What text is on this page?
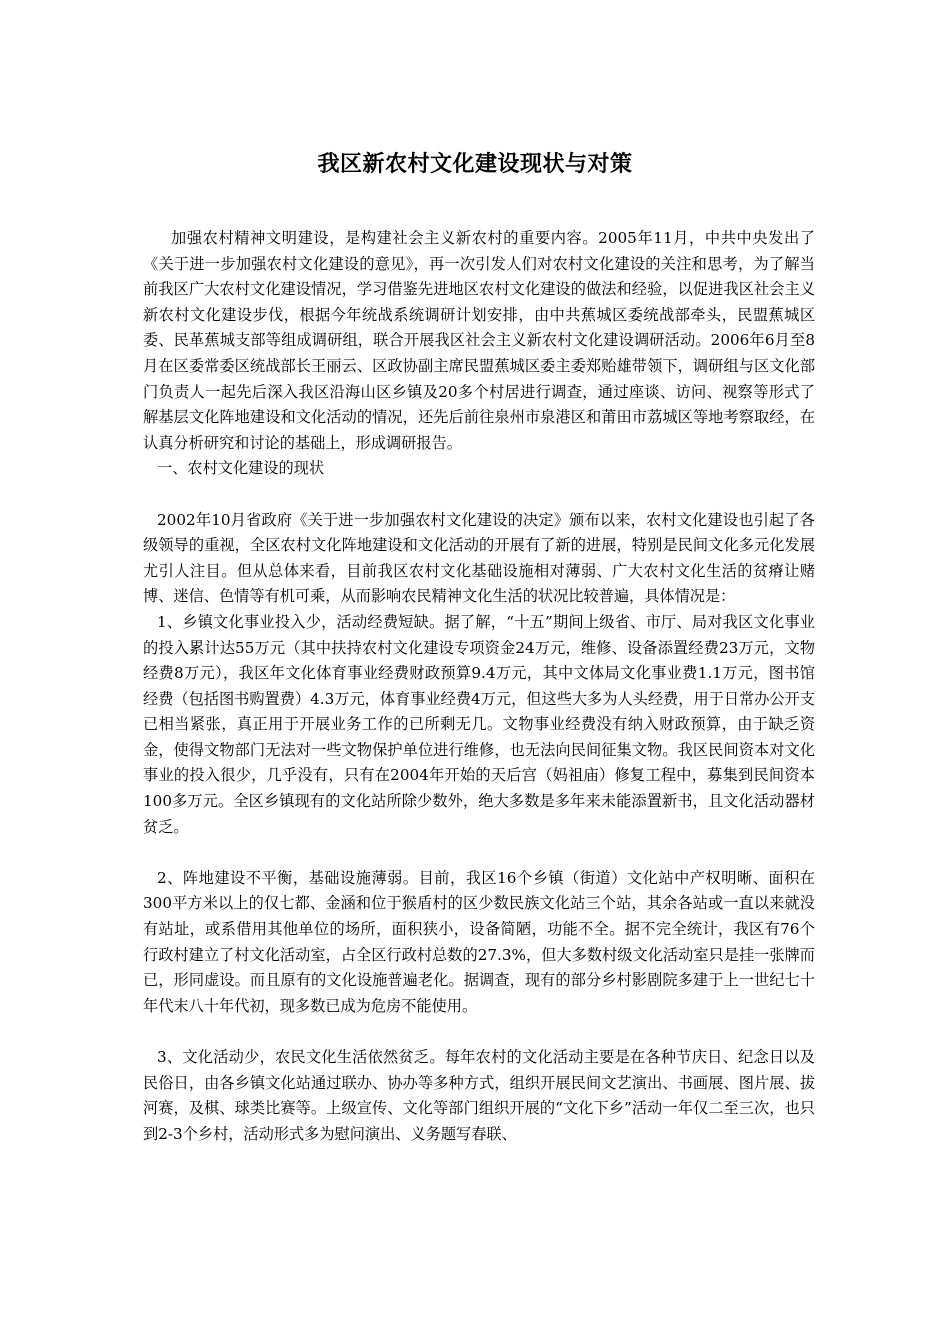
我区新农村文化建设现状与对策

加强农村精神文明建设，是构建社会主义新农村的重要内容。2005年11月，中共中央发出了《关于进一步加强农村文化建设的意见》，再一次引发人们对农村文化建设的关注和思考，为了解当前我区广大农村文化建设情况，学习借鉴先进地区农村文化建设的做法和经验，以促进我区社会主义新农村文化建设步伐，根据今年统战系统调研计划安排，由中共蕉城区委统战部牵头，民盟蕉城区委、民革蕉城支部等组成调研组，联合开展我区社会主义新农村文化建设调研活动。2006年6月至8月在区委常委区统战部长王丽云、区政协副主席民盟蕉城区委主委郑贻雄带领下，调研组与区文化部门负责人一起先后深入我区沿海山区乡镇及20多个村居进行调查，通过座谈、访问、视察等形式了解基层文化阵地建设和文化活动的情况，还先后前往泉州市泉港区和莆田市荔城区等地考察取经，在认真分析研究和讨论的基础上，形成调研报告。

一、农村文化建设的现状

2002年10月省政府《关于进一步加强农村文化建设的决定》颁布以来，农村文化建设也引起了各级领导的重视，全区农村文化阵地建设和文化活动的开展有了新的进展，特别是民间文化多元化发展尤引人注目。但从总体来看，目前我区农村文化基础设施相对薄弱、广大农村文化生活的贫瘠让赌博、迷信、色情等有机可乘，从而影响农民精神文化生活的状况比较普遍，具体情况是：

1、乡镇文化事业投入少，活动经费短缺。据了解，“十五”期间上级省、市厅、局对我区文化事业的投入累计达55万元（其中扶持农村文化建设专项资金24万元，维修、设备添置经费23万元，文物经费8万元），我区年文化体育事业经费财政预算9.4万元，其中文体局文化事业费1.1万元，图书馆经费（包括图书购置费）4.3万元，体育事业经费4万元，但这些大多为人头经费，用于日常办公开支已相当紧张，真正用于开展业务工作的已所剩无几。文物事业经费没有纳入财政预算，由于缺乏资金，使得文物部门无法对一些文物保护单位进行维修，也无法向民间征集文物。我区民间资本对文化事业的投入很少，几乎没有，只有在2004年开始的天后宫（妈祖庙）修复工程中，募集到民间资本100多万元。全区乡镇现有的文化站所除少数外，绝大多数是多年来未能添置新书，且文化活动器材贫乏。

2、阵地建设不平衡，基础设施薄弱。目前，我区16个乡镇（街道）文化站中产权明晰、面积在300平方米以上的仅七都、金涵和位于猴盾村的区少数民族文化站三个站，其余各站或一直以来就没有站址，或系借用其他单位的场所，面积狭小，设备简陋，功能不全。据不完全统计，我区有76个行政村建立了村文化活动室，占全区行政村总数的27.3%，但大多数村级文化活动室只是挂一张牌而已，形同虚设。而且原有的文化设施普遍老化。据调查，现有的部分乡村影剧院多建于上一世纪七十年代末八十年代初，现多数已成为危房不能使用。

3、文化活动少，农民文化生活依然贫乏。每年农村的文化活动主要是在各种节庆日、纪念日以及民俗日，由各乡镇文化站通过联办、协办等多种方式，组织开展民间文艺演出、书画展、图片展、拔河赛，及棋、球类比赛等。上级宣传、文化等部门组织开展的“文化下乡”活动一年仅二至三次，也只到2-3个乡村，活动形式多为慰问演出、义务题写春联、
